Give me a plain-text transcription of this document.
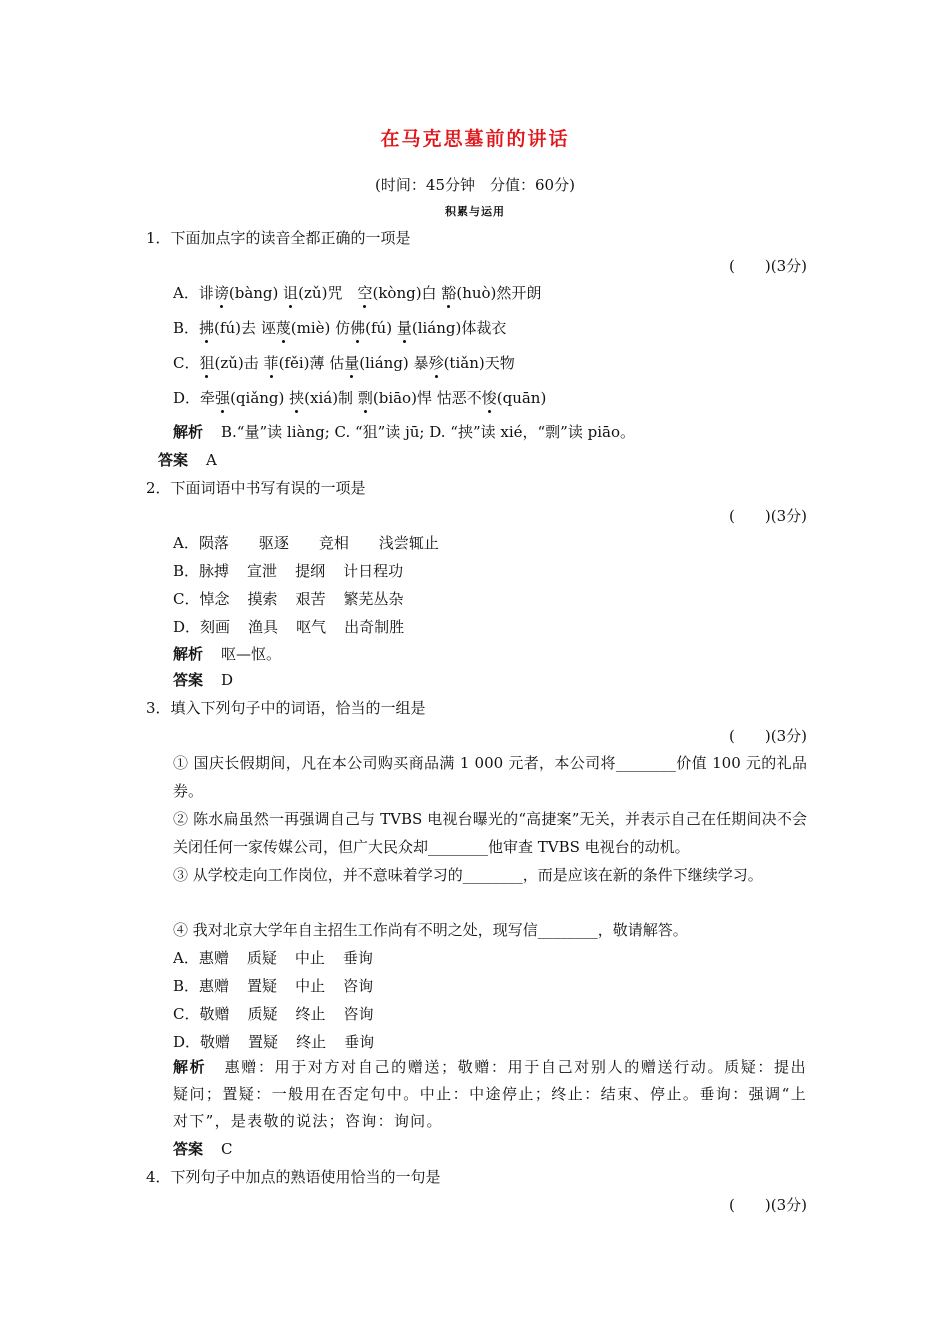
在马克思墓前的讲话
(时间：45分钟　分值：60分)
积累与运用
1．下面加点字的读音全都正确的一项是
(　　)(3分)
A．诽谤(bàng) 诅(zǔ)咒　空(kòng)白 豁(huò)然开朗
B．拂(fú)去 诬蔑(miè) 仿佛(fú) 量(liáng)体裁衣
C．狙(zǔ)击 菲(fěi)薄 估量(liáng) 暴殄(tiǎn)天物
D．牵强(qiǎng) 挟(xiá)制 剽(biāo)悍 怙恶不悛(quān)
解析 B.“量”读 liàng; C. “狙”读 jū; D. “挟”读 xié，“剽”读 piāo。
答案 A
2．下面词语中书写有误的一项是
(　　)(3分)
A．陨落 驱逐 竞相 浅尝辄止
B．脉搏 宣泄 提纲 计日程功
C．悼念 摸索 艰苦 繁芜丛杂
D．刻画 渔具 呕气 出奇制胜
解析 呕—怄。
答案 D
3．填入下列句子中的词语，恰当的一组是
(　　)(3分)
① 国庆长假期间，凡在本公司购买商品满 1 000 元者，本公司将________价值 100 元的礼品券。
② 陈水扁虽然一再强调自己与 TVBS 电视台曝光的“高捷案”无关，并表示自己在任期间决不会关闭任何一家传媒公司，但广大民众却________他审查 TVBS 电视台的动机。
③ 从学校走向工作岗位，并不意味着学习的________，而是应该在新的条件下继续学习。
④ 我对北京大学年自主招生工作尚有不明之处，现写信________，敬请解答。
A．惠赠 质疑 中止 垂询
B．惠赠 置疑 中止 咨询
C．敬赠 质疑 终止 咨询
D．敬赠 置疑 终止 垂询
解析 惠赠：用于对方对自己的赠送；敬赠：用于自己对别人的赠送行动。质疑：提出疑问；置疑：一般用在否定句中。中止：中途停止；终止：结束、停止。垂询：强调“上对下”，是表敬的说法；咨询：询问。
答案 C
4．下列句子中加点的熟语使用恰当的一句是
(　　)(3分)
